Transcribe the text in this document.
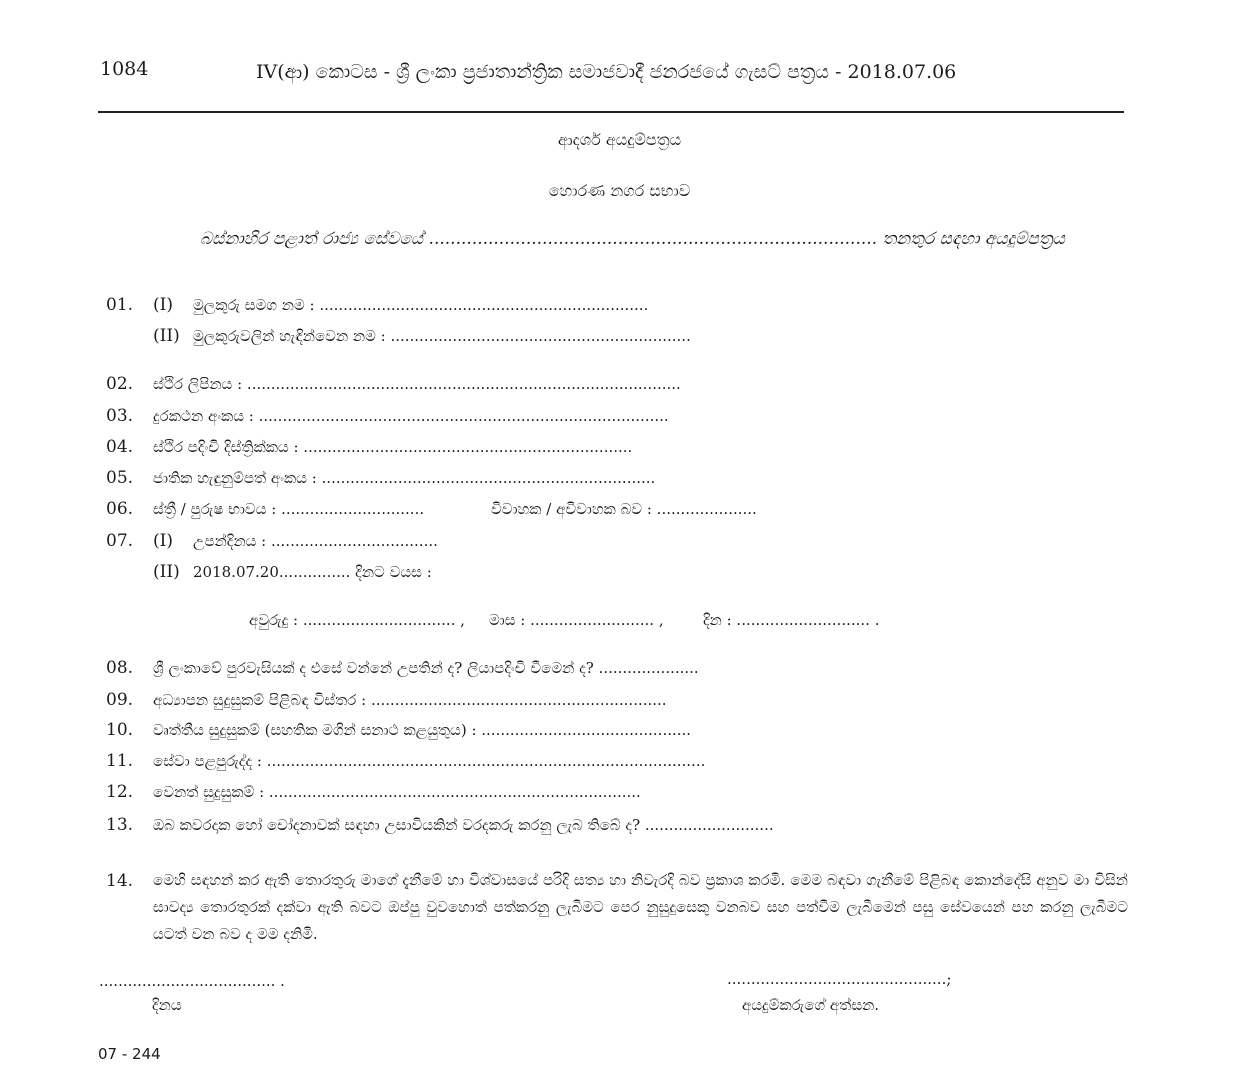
1084	IV(ආ) කොටස - ශ්‍රී ලංකා ප්‍රජාතාන්ත්‍රික සමාජවාදී ජනරජයේ ගැසට් පත්‍රය - 2018.07.06
ආදර්ශ අයදුම්පත්‍රය
හොරණ නගර සභාව
බස්නාහිර පළාත් රාජ්‍ය සේවයේ ................................................................................... තනතුර සඳහා අයදුම්පත්‍රය
01. (I) මුලකුරු සමග නම : .....................................................................
(II) මුලකුරුවලින් හැඳින්වෙන නම : ...............................................................
02. ස්ථිර ලිපිනය : ...........................................................................................
03. දුරකථන අංකය : ......................................................................................
04. ස්ථිර පදිංචි දිස්ත්‍රික්කය : .....................................................................
05. ජාතික හැඳුනුම්පත් අංකය : ......................................................................
06. ස්ත්‍රී / පුරුෂ භාවය : ..............................	විවාහක / අවිවාහක බව : .....................
07. (I) උපන්දිනය : ...................................
(II) 2018.07.20............... දිනට වයස :
අවුරුදු : ................................ , මාස : .......................... ,	දින : ............................ .
08. ශ්‍රී ලංකාවේ පුරවැසියක් ද එසේ වන්නේ උපතින් ද? ලියාපදිංචි වීමෙන් ද? .....................
09. අධ්‍යාපන සුදුසුකම් පිළිබඳ විස්තර : ..............................................................
10. වෘත්තීය සුදුසුකම් (සහතික මගින් සනාථ කළයුතුය) : ............................................
11. සේවා පළපුරුද්ද : ............................................................................................
12. වෙනත් සුදුසුකම් : ..............................................................................
13. ඔබ කවරදාක හෝ චෝදනාවක් සඳහා උසාවියකින් වරදකරු කරනු ලැබ තිබේ ද? ...........................
14. මෙහි සඳහන් කර ඇති තොරතුරු මාගේ දැනීමේ හා විශ්වාසයේ පරිදි සත්‍ය හා නිවැරදි බව ප්‍රකාශ කරමි. මෙම බඳවා ගැනීමේ පිළිබඳ කොන්දේසි අනුව මා විසින් සාවද්‍ය තොරතුරක් දක්වා ඇති බවට ඔප්පු වුවහොත් පත්කරනු ලැබීමට පෙර නුසුදුසෙකු වනබව සහ පත්වීම ලැබීමෙන් පසු සේවයෙන් පහ කරනු ලැබීමට යටත් වන බව ද මම දනිමි.
..................................... .
දිනය
..............................................;
අයදුම්කරුගේ අත්සන.
07 - 244
